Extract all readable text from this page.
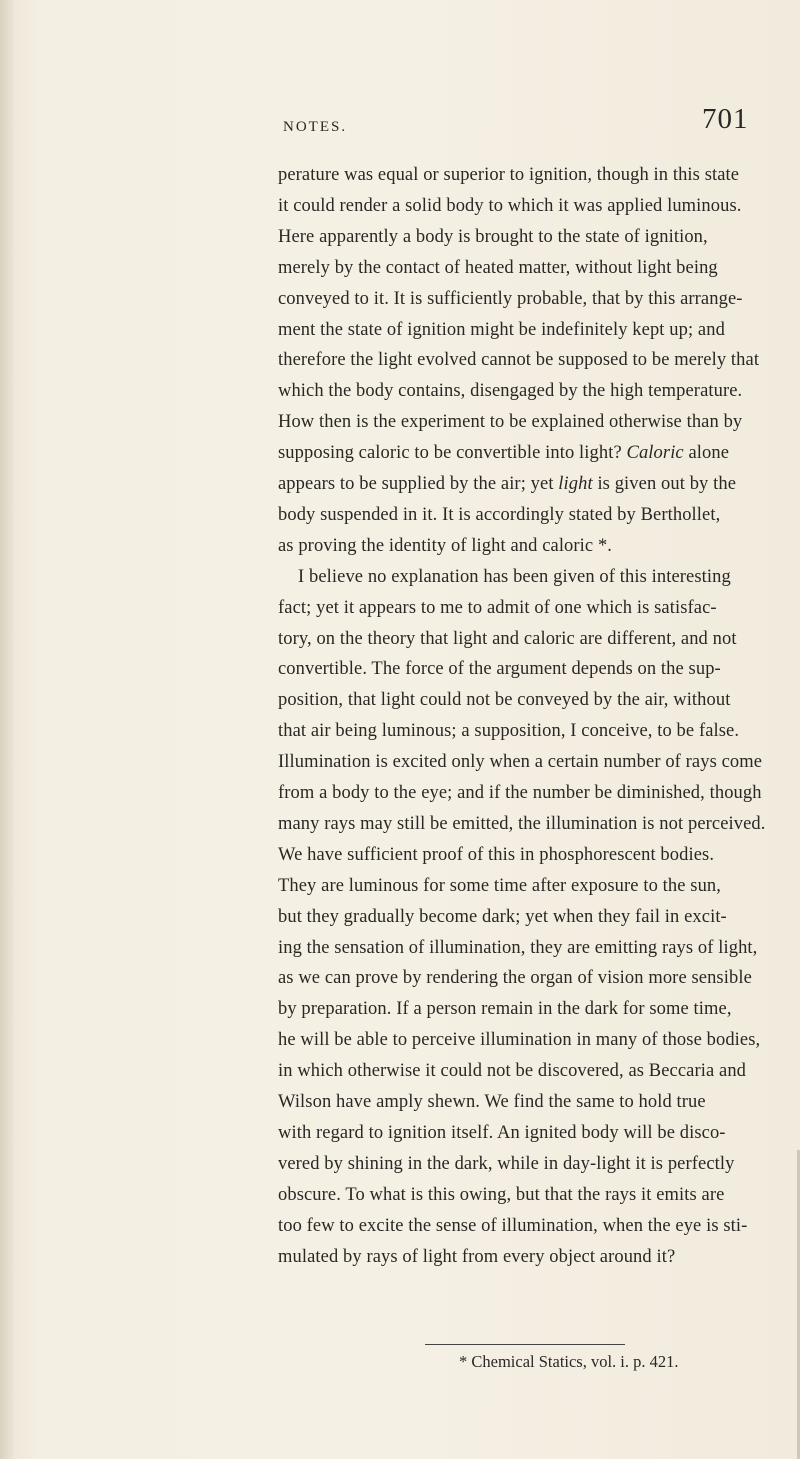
NOTES.	701
perature was equal or superior to ignition, though in this state
it could render a solid body to which it was applied luminous.
Here apparently a body is brought to the state of ignition,
merely by the contact of heated matter, without light being
conveyed to it. It is sufficiently probable, that by this arrange-
ment the state of ignition might be indefinitely kept up; and
therefore the light evolved cannot be supposed to be merely that
which the body contains, disengaged by the high temperature.
How then is the experiment to be explained otherwise than by
supposing caloric to be convertible into light? Caloric alone
appears to be supplied by the air; yet light is given out by the
body suspended in it. It is accordingly stated by Berthollet,
as proving the identity of light and caloric *.
I believe no explanation has been given of this interesting
fact; yet it appears to me to admit of one which is satisfac-
tory, on the theory that light and caloric are different, and not
convertible. The force of the argument depends on the sup-
position, that light could not be conveyed by the air, without
that air being luminous; a supposition, I conceive, to be false.
Illumination is excited only when a certain number of rays come
from a body to the eye; and if the number be diminished, though
many rays may still be emitted, the illumination is not perceived.
We have sufficient proof of this in phosphorescent bodies.
They are luminous for some time after exposure to the sun,
but they gradually become dark; yet when they fail in excit-
ing the sensation of illumination, they are emitting rays of light,
as we can prove by rendering the organ of vision more sensible
by preparation. If a person remain in the dark for some time,
he will be able to perceive illumination in many of those bodies,
in which otherwise it could not be discovered, as Beccaria and
Wilson have amply shewn. We find the same to hold true
with regard to ignition itself. An ignited body will be disco-
vered by shining in the dark, while in day-light it is perfectly
obscure. To what is this owing, but that the rays it emits are
too few to excite the sense of illumination, when the eye is sti-
mulated by rays of light from every object around it?
* Chemical Statics, vol. i. p. 421.
